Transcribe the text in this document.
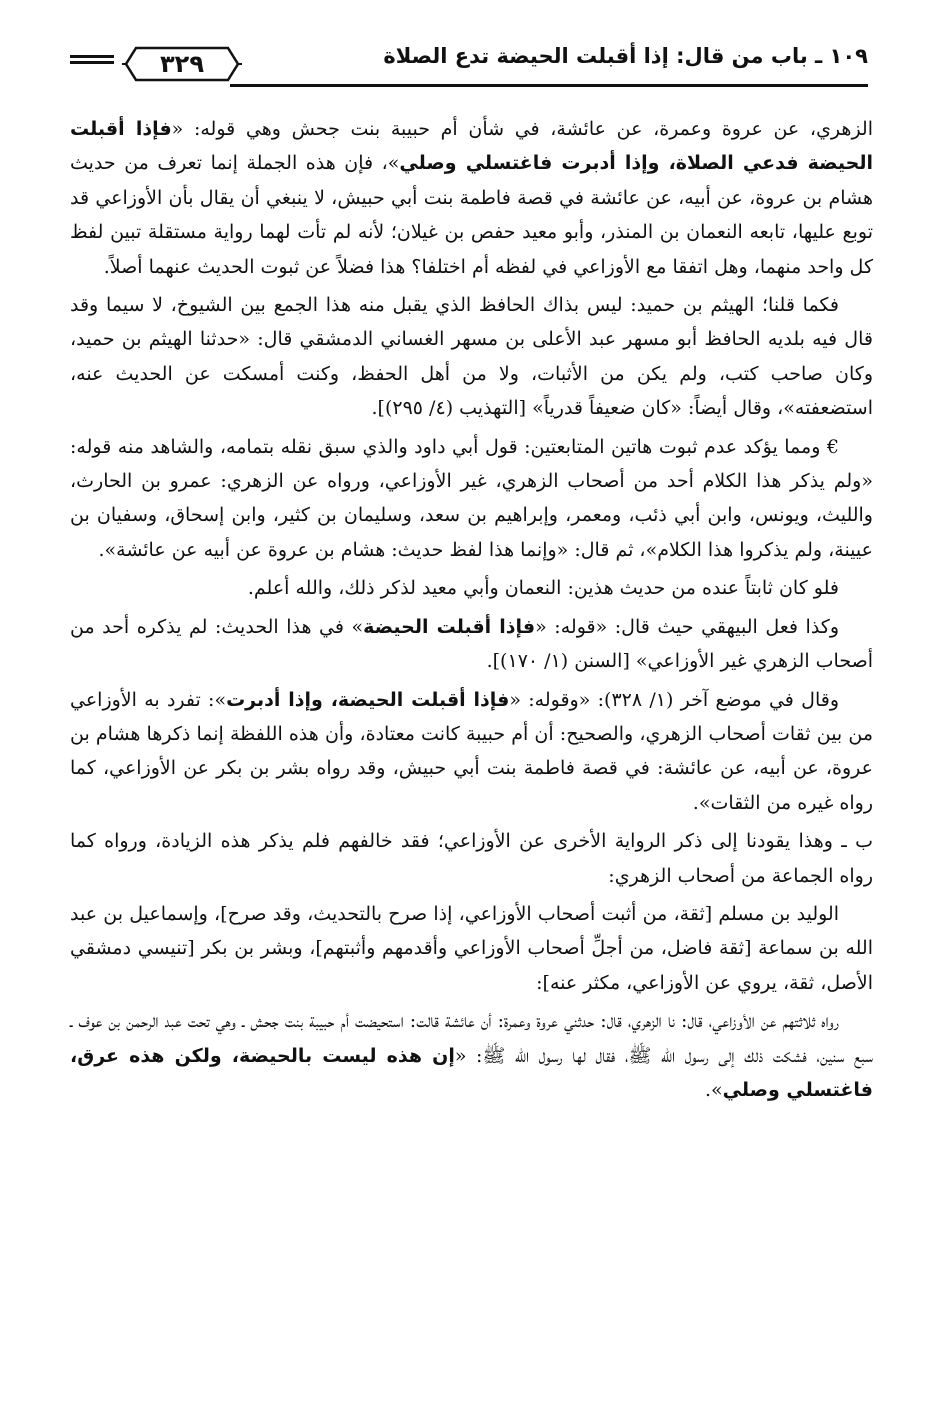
٣٢٩	١٠٩ ـ باب من قال: إذا أقبلت الحيضة تدع الصلاة

الزهري، عن عروة وعمرة، عن عائشة، في شأن أم حبيبة بنت جحش وهي قوله: «فإذا أقبلت الحيضة فدعي الصلاة، وإذا أدبرت فاغتسلي وصلي»، فإن هذه الجملة إنما تعرف من حديث هشام بن عروة، عن أبيه، عن عائشة في قصة فاطمة بنت أبي حبيش، لا ينبغي أن يقال بأن الأوزاعي قد توبع عليها، تابعه النعمان بن المنذر، وأبو معيد حفص بن غيلان؛ لأنه لم تأت لهما رواية مستقلة تبين لفظ كل واحد منهما، وهل اتفقا مع الأوزاعي في لفظه أم اختلفا؟ هذا فضلاً عن ثبوت الحديث عنهما أصلاً.

فكما قلنا؛ الهيثم بن حميد: ليس بذاك الحافظ الذي يقبل منه هذا الجمع بين الشيوخ، لا سيما وقد قال فيه بلديه الحافظ أبو مسهر عبد الأعلى بن مسهر الغساني الدمشقي قال: «حدثنا الهيثم بن حميد، وكان صاحب كتب، ولم يكن من الأثبات، ولا من أهل الحفظ، وكنت أمسكت عن الحديث عنه، استضعفته»، وقال أيضاً: «كان ضعيفاً قدرياً» [التهذيب (٤/ ٢٩٥)].

€ ومما يؤكد عدم ثبوت هاتين المتابعتين: قول أبي داود والذي سبق نقله بتمامه، والشاهد منه قوله: «ولم يذكر هذا الكلام أحد من أصحاب الزهري، غير الأوزاعي، ورواه عن الزهري: عمرو بن الحارث، والليث، ويونس، وابن أبي ذئب، ومعمر، وإبراهيم بن سعد، وسليمان بن كثير، وابن إسحاق، وسفيان بن عيينة، ولم يذكروا هذا الكلام»، ثم قال: «وإنما هذا لفظ حديث: هشام بن عروة عن أبيه عن عائشة».

فلو كان ثابتاً عنده من حديث هذين: النعمان وأبي معيد لذكر ذلك، والله أعلم.

وكذا فعل البيهقي حيث قال: «قوله: «فإذا أقبلت الحيضة» في هذا الحديث: لم يذكره أحد من أصحاب الزهري غير الأوزاعي» [السنن (١/ ١٧٠)].

وقال في موضع آخر (١/ ٣٢٨): «وقوله: «فإذا أقبلت الحيضة، وإذا أدبرت»: تفرد به الأوزاعي من بين ثقات أصحاب الزهري، والصحيح: أن أم حبيبة كانت معتادة، وأن هذه اللفظة إنما ذكرها هشام بن عروة، عن أبيه، عن عائشة: في قصة فاطمة بنت أبي حبيش، وقد رواه بشر بن بكر عن الأوزاعي، كما رواه غيره من الثقات».

ب ـ وهذا يقودنا إلى ذكر الرواية الأخرى عن الأوزاعي؛ فقد خالفهم فلم يذكر هذه الزيادة، ورواه كما رواه الجماعة من أصحاب الزهري:

الوليد بن مسلم [ثقة، من أثبت أصحاب الأوزاعي، إذا صرح بالتحديث، وقد صرح]، وإسماعيل بن عبد الله بن سماعة [ثقة فاضل، من أجلِّ أصحاب الأوزاعي وأقدمهم وأثبتهم]، وبشر بن بكر [تنيسي دمشقي الأصل، ثقة، يروي عن الأوزاعي، مكثر عنه]:

رواه ثلاثتهم عن الأوزاعي، قال: نا الزهري، قال: حدثني عروة وعمرة: أن عائشة قالت: استحيضت أم حبيبة بنت جحش ـ وهي تحت عبد الرحمن بن عوف ـ سبع سنين، فشكت ذلك إلى رسول الله ﷺ، فقال لها رسول الله ﷺ: «إن هذه ليست بالحيضة، ولكن هذه عرق، فاغتسلي وصلي».
